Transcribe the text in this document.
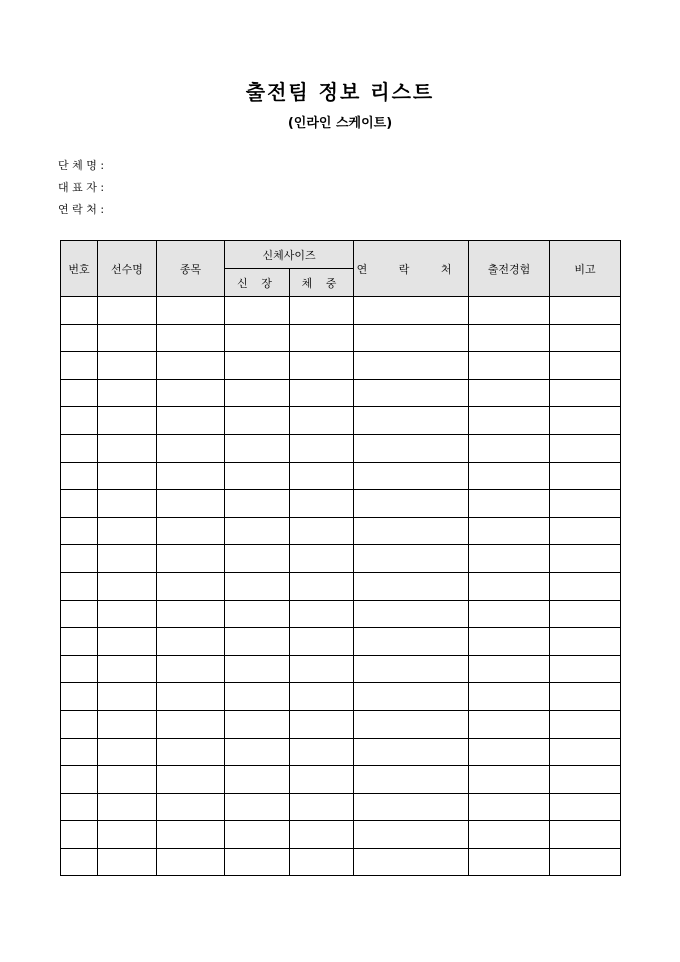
출전팀 정보 리스트
(인라인 스케이트)
단 체 명 :
대 표 자 :
연 락 처 :
번호	선수명	종목	신체사이즈		연 락 처	출전경험	비고
			신 장	체 중			
